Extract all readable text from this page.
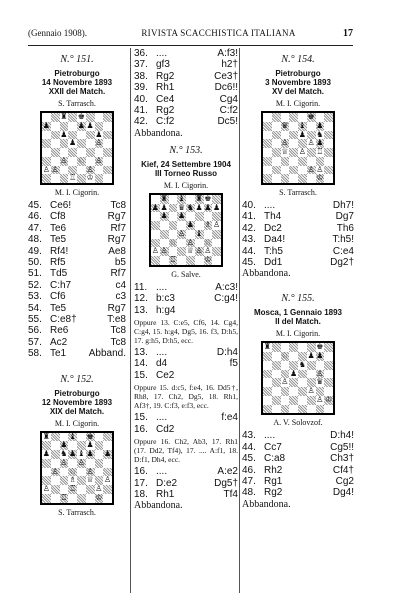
(Gennaio 1908).	RIVISTA SCACCHISTICA ITALIANA	17
N.° 151.
Pietroburgo
14 Novembre 1893
XXII del Match.
S. Tarrasch.
♜ ♚
♟	♟ ♟
♟	♟
♟ ♙
♙ ♘ ♙
♙ ♙	♙
♖ ♔
M. I. Cigorin.
45. Ce6!	Tc8
46. Cf8	Rg7
47. Te6	Rf7
48. Te5	Rg7
49. Rf4!	Ae8
50. Rf5	b5
51. Td5	Rf7
52. C:h7	c4
53. Cf6	c3
54. Te5	Rg7
55. C:e8†	T:e8
56. Re6	Tc8
57. Ac2	Tc8
58. Te1	Abband.
N.° 152.
Pietroburgo
12 Novembre 1893
XIX del Match.
M. I. Cigorin.
♜ ♝ ♚
♟ ♟
♟ ♞ ♟ ♝ ♟ ♟
♙ ♙
♙ ♘ ♙
♗ ♕ ♙
♙ ♖ ♙
♖	♔
S. Tarrasch.
36. ....	A:f3!
37. gf3	h2†
38. Rg2	Ce3†
39. Rh1	Dc6!!
40. Ce4	Cg4
41. Rg2	C:f2
42. C:f2	Dc5!
Abbandona.
N.° 153.
Kief, 24 Settembre 1904
III Torneo Russo
M. I. Cigorin.
♜ ♝ ♜ ♚
♟ ♟ ♛ ♞ ♟ ♟ ♟
♟ ♟
♟ ♗ ♙
♙ ♝
♘ ♙ ♘
♙ ♙ ♕ ♙ ♙
♖	♔
G. Salve.
11. ....	A:c3!
12. b:c3	C:g4!
13. h:g4
Oppure 13. C:e5, Cf6, 14. Cg4, C:g4, 15. h:g4, Dg5, 16. f3, D:h5, 17. g:h5, D:h5, ecc.
13. ....	D:h4
14. d4	f5
15. Ce2
Oppure 15. d:c5, f:e4, 16. Dd5†, Rh8, 17. Ch2, Dg5, 18. Rh1, Af3†, 19. C:f3, e:f3, ecc.
15. ....	f:e4
16. Cd2
Oppure 16. Ch2, Ab3, 17. Rh1 (17. Dd2, Tf4), 17. .... A:f1, 18. D:f1, Dh4, ecc.
16. ....	A:e2
17. D:e2	Dg5†
18. Rh1	Tf4
Abbandona.
N.° 154.
Pietroburgo
3 Novembre 1893
XV del Match.
M. I. Cigorin.
♚
♛ ♝ ♟
♟ ♞
♙ ♙ ♟
♕ ♙ ♖
♙ ♙
♔
S. Tarrasch.
40. ....	Dh7!
41. Th4	Dg7
42. Dc2	Th6
43. Da4!	T:h5!
44. T:h5	C:e4
45. Dd1	Dg2†
Abbandona.
N.° 155.
Mosca, 1 Gennaio 1893
II del Match.
M. I. Cigorin.
♜	♚
♘ ♟ ♟
♞
♟ ♙
♙	♛
♙
♙ ♔
A. V. Solovzof.
43. ....	D:h4!
44. Cc7	Cg5!!
45. C:a8	Ch3†
46. Rh2	Cf4†
47. Rg1	Cg2
48. Rg2	Dg4!
Abbandona.
